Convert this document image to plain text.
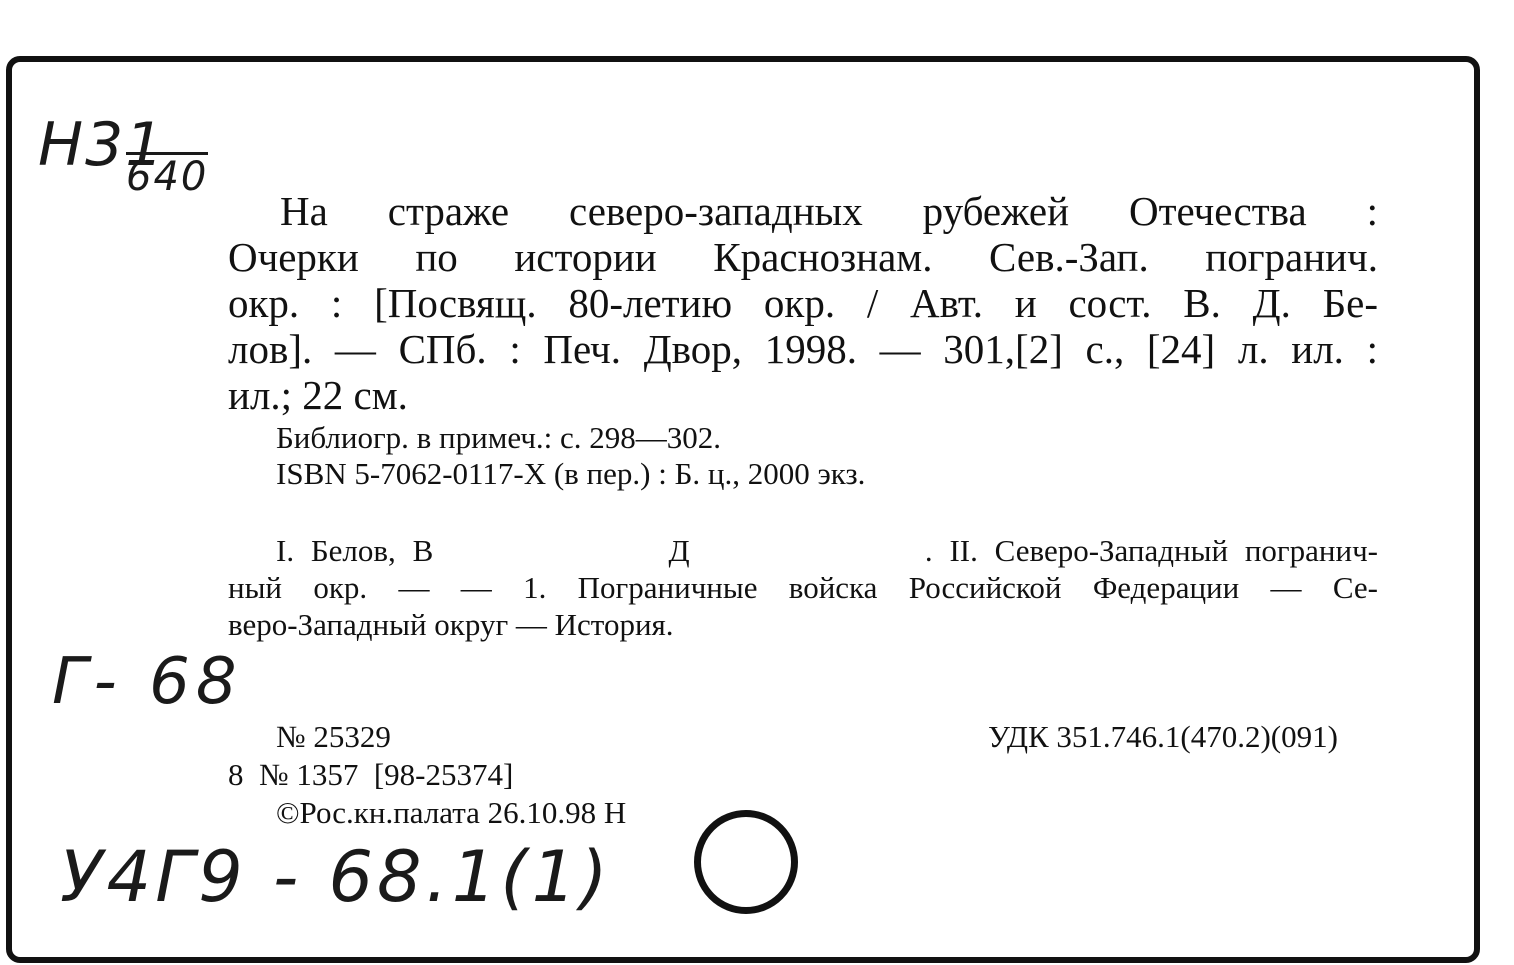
H31
640
На страже северо-западных рубежей Отечества :
Очерки по истории Краснознам. Сев.-Зап. погранич.
окр. : [Посвящ. 80-летию окр. / Авт. и сост. В. Д. Бе-
лов]. — СПб. : Печ. Двор, 1998. — 301,[2] с., [24] л. ил. :
ил.; 22 см.
Библиогр. в примеч.: с. 298—302.
ISBN 5-7062-0117-X (в пер.) : Б. ц., 2000 экз.
I. Белов, В              Д              . II. Северо-Западный погранич-
ный окр. — — 1. Пограничные войска Российской Федерации — Се-
веро-Западный округ — История.
Г- 68
№ 25329
8  № 1357  [98-25374]
©Рос.кн.палата 26.10.98 Н
УДК 351.746.1(470.2)(091)
У4Г9 - 68.1(1)
